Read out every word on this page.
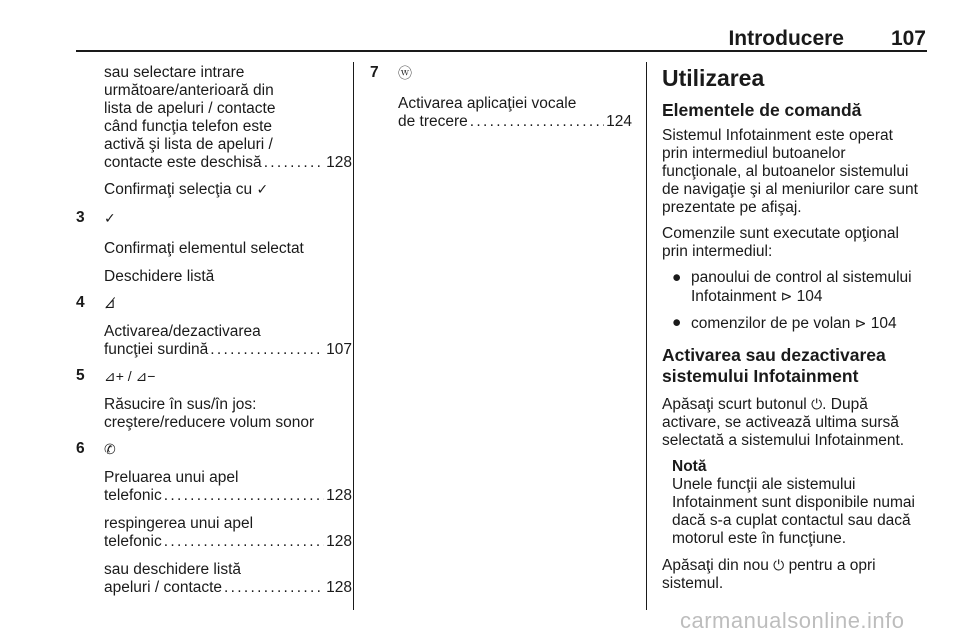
Introducere 107

sau selectare intrare

următoare/anterioară din

lista de apeluri / contacte

când funcţia telefon este

activă şi lista de apeluri /

contacte este deschisă . . .	128

Confirmaţi selecţia cu ✓

3	✓

Confirmaţi elementul selectat

Deschidere listă

4	⊿̸

Activarea/dezactivarea

funcţiei surdină . . .	107
5	⊿+ / ⊿−

Răsucire în sus/în jos:

creştere/reducere volum sonor

6	✆

Preluarea unui apel

telefonic . . .	128

respingerea unui apel

telefonic . . .	128

sau deschidere listă

apeluri / contacte . . .	128
7	ⓦ

Activarea aplicaţiei vocale

de trecere . . .	124
Utilizarea
Elementele de comandă

Sistemul Infotainment este operat

prin intermediul butoanelor

funcţionale, al butoanelor sistemului

de navigaţie şi al meniurilor care sunt

prezentate pe afişaj.

Comenzile sunt executate opţional

prin intermediul:

● panoului de control al sistemului
Infotainment ⊳ 104
● comenzilor de pe volan ⊳ 104
Activarea sau dezactivarea
sistemului Infotainment

Apăsaţi scurt butonul ⏻. După

activare, se activează ultima sursă

selectată a sistemului Infotainment.

Notă

Unele funcţii ale sistemului

Infotainment sunt disponibile numai

dacă s-a cuplat contactul sau dacă

motorul este în funcţiune.

Apăsaţi din nou ⏻ pentru a opri

sistemul.

carmanualsonline.info
